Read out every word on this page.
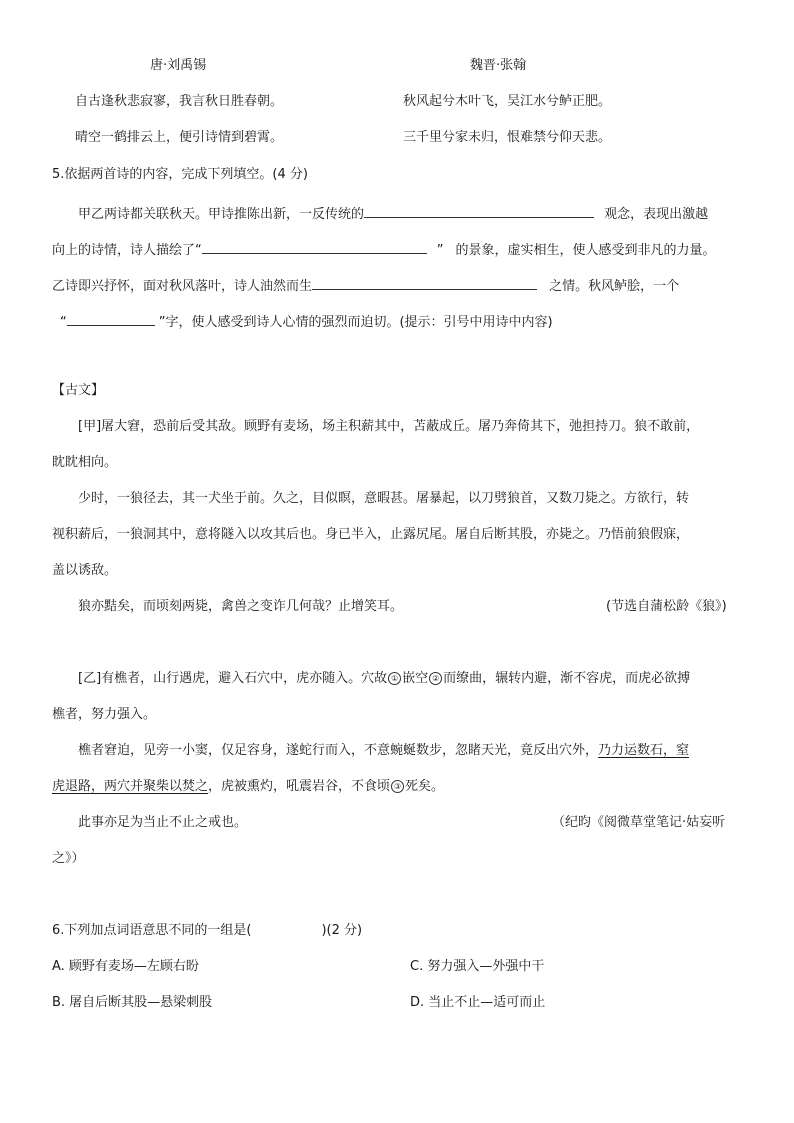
唐·刘禹锡	魏晋·张翰
自古逢秋悲寂寥，我言秋日胜春朝。	秋风起兮木叶飞，吴江水兮鲈正肥。
晴空一鹤排云上，便引诗情到碧霄。	三千里兮家未归，恨难禁兮仰天悲。
5.依据两首诗的内容，完成下列填空。(4 分)
甲乙两诗都关联秋天。甲诗推陈出新，一反传统的	观念，表现出激越
向上的诗情，诗人描绘了“	” 的景象，虚实相生，使人感受到非凡的力量。
乙诗即兴抒怀，面对秋风落叶，诗人油然而生	之情。秋风鲈脍，一个
“	”字，使人感受到诗人心情的强烈而迫切。(提示：引号中用诗中内容)
【古文】
[甲]屠大窘，恐前后受其敌。顾野有麦场，场主积薪其中，苫蔽成丘。屠乃奔倚其下，弛担持刀。狼不敢前，
眈眈相向。
少时，一狼径去，其一犬坐于前。久之，目似瞑，意暇甚。屠暴起，以刀劈狼首，又数刀毙之。方欲行，转
视积薪后，一狼洞其中，意将隧入以攻其后也。身已半入，止露尻尾。屠自后断其股，亦毙之。乃悟前狼假寐，
盖以诱敌。
狼亦黠矣，而顷刻两毙，禽兽之变诈几何哉？止增笑耳。	(节选自蒲松龄《狼》)
[乙]有樵者，山行遇虎，避入石穴中，虎亦随入。穴故 ① 嵌空 ② 而缭曲，辗转内避，渐不容虎，而虎必欲搏
樵者，努力强入。
樵者窘迫，见旁一小窦，仅足容身，遂蛇行而入，不意蜿蜒数步，忽睹天光，竟反出穴外，乃力运数石，窒
虎退路，两穴并聚柴以焚之，虎被熏灼，吼震岩谷，不食顷 ③ 死矣。
此事亦足为当止不止之戒也。	（纪昀《阅微草堂笔记·姑妄听
之》）
6.下列加点词语意思不同的一组是(	)(2 分)
A. 顾野有麦场—左顾右盼	C. 努力强入—外强中干
B. 屠自后断其股—悬梁刺股	D. 当止不止—适可而止
